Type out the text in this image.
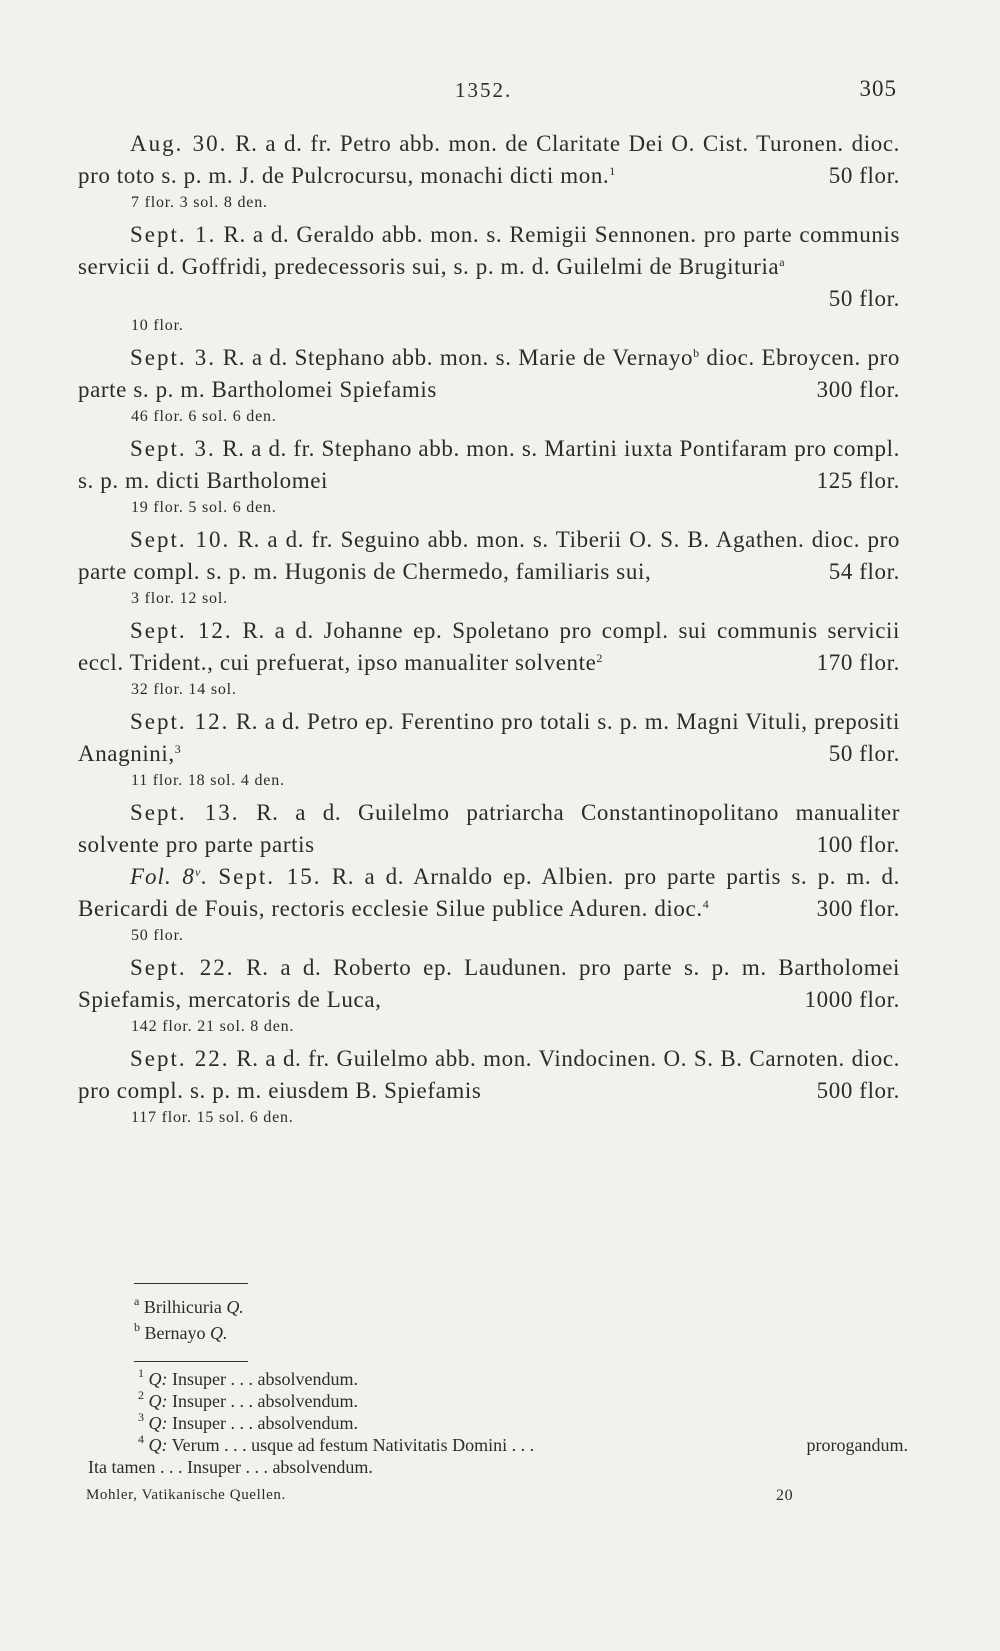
1352.	305

Aug. 30. R. a d. fr. Petro abb. mon. de Claritate Dei O. Cist. Turonen. dioc. pro toto s. p. m. J. de Pulcrocursu, monachi dicti mon.$^1$	50 flor.

7 flor. 3 sol. 8 den.

Sept. 1. R. a d. Geraldo abb. mon. s. Remigii Sennonen. pro parte communis servicii d. Goffridi, predecessoris sui, s. p. m. d. Guilelmi de Brugituria$^a$
50 flor.

10 flor.

Sept. 3. R. a d. Stephano abb. mon. s. Marie de Vernayo$^b$ dioc. Ebroycen. pro parte s. p. m. Bartholomei Spiefamis	300 flor.

46 flor. 6 sol. 6 den.

Sept. 3. R. a d. fr. Stephano abb. mon. s. Martini iuxta Pontifaram pro compl. s. p. m. dicti Bartholomei	125 flor.

19 flor. 5 sol. 6 den.

Sept. 10. R. a d. fr. Seguino abb. mon. s. Tiberii O. S. B. Agathen. dioc. pro parte compl. s. p. m. Hugonis de Chermedo, familiaris sui,	54 flor.

3 flor. 12 sol.

Sept. 12. R. a d. Johanne ep. Spoletano pro compl. sui communis servicii eccl. Trident., cui prefuerat, ipso manualiter solvente$^2$	170 flor.

32 flor. 14 sol.

Sept. 12. R. a d. Petro ep. Ferentino pro totali s. p. m. Magni Vituli, prepositi Anagnini,$^3$	50 flor.

11 flor. 18 sol. 4 den.

Sept. 13. R. a d. Guilelmo patriarcha Constantinopolitano manualiter solvente pro parte partis	100 flor.

Fol. 8$^v$. Sept. 15. R. a d. Arnaldo ep. Albien. pro parte partis s. p. m. d. Bericardi de Fouis, rectoris ecclesie Silue publice Aduren. dioc.$^4$	300 flor.

50 flor.

Sept. 22. R. a d. Roberto ep. Laudunen. pro parte s. p. m. Bartholomei Spiefamis, mercatoris de Luca,	1000 flor.

142 flor. 21 sol. 8 den.

Sept. 22. R. a d. fr. Guilelmo abb. mon. Vindocinen. O. S. B. Carnoten. dioc. pro compl. s. p. m. eiusdem B. Spiefamis	500 flor.

117 flor. 15 sol. 6 den.
$^a$ Brilhicuria Q.
$^b$ Bernayo Q.
$^1$ Q: Insuper . . . absolvendum.
$^2$ Q: Insuper . . . absolvendum.
$^3$ Q: Insuper . . . absolvendum.
$^4$ Q: Verum . . . usque ad festum Nativitatis Domini . . .	prorogandum.
Ita tamen . . . Insuper . . . absolvendum.
Mohler, Vatikanische Quellen.	20
